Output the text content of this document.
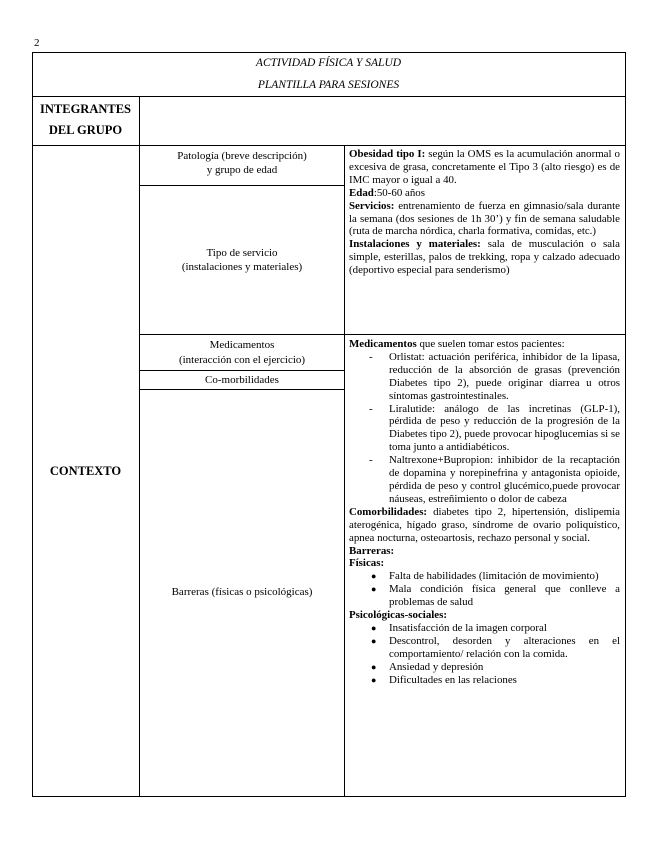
2
ACTIVIDAD FÍSICA Y SALUD
PLANTILLA PARA SESIONES
INTEGRANTES
DEL GRUPO
CONTEXTO
Patología (breve descripción)
y grupo de edad
Tipo de servicio
(instalaciones y materiales)
Medicamentos
(interacción con el ejercicio)
Co-morbilidades
Barreras (físicas o psicológicas)

Obesidad tipo I: según la OMS es la acumulación anormal o excesiva de grasa, concretamente el Tipo 3 (alto riesgo) es de IMC mayor o igual a 40.

Edad:50-60 años

Servicios: entrenamiento de fuerza en gimnasio/sala durante la semana (dos sesiones de 1h 30’) y fin de semana saludable (ruta de marcha nórdica, charla formativa, comidas, etc.)

Instalaciones y materiales: sala de musculación o sala simple, esterillas, palos de trekking, ropa y calzado adecuado (deportivo especial para senderismo)

Medicamentos que suelen tomar estos pacientes:

- Orlistat: actuación periférica, inhibidor de la lipasa, reducción de la absorción de grasas (prevención Diabetes tipo 2), puede originar diarrea u otros síntomas gastrointestinales.
- Liralutide: análogo de las incretinas (GLP-1), pérdida de peso y reducción de la progresión de la Diabetes tipo 2), puede provocar hipoglucemias si se toma junto a antidiabéticos.
- Naltrexone+Bupropion: inhibidor de la recaptación de dopamina y norepinefrina y antagonista opioide, pérdida de peso y control glucémico,puede provocar náuseas, estreñimiento o dolor de cabeza

Comorbilidades: diabetes tipo 2, hipertensión, dislipemia aterogénica, hígado graso, síndrome de ovario poliquístico, apnea nocturna, osteoartosis, rechazo personal y social.

Barreras:

Físicas:

● Falta de habilidades (limitación de movimiento)
● Mala condición física general que conlleve a problemas de salud

Psicológicas-sociales:

● Insatisfacción de la imagen corporal
● Descontrol, desorden y alteraciones en el comportamiento/ relación con la comida.
● Ansiedad y depresión
● Dificultades en las relaciones
